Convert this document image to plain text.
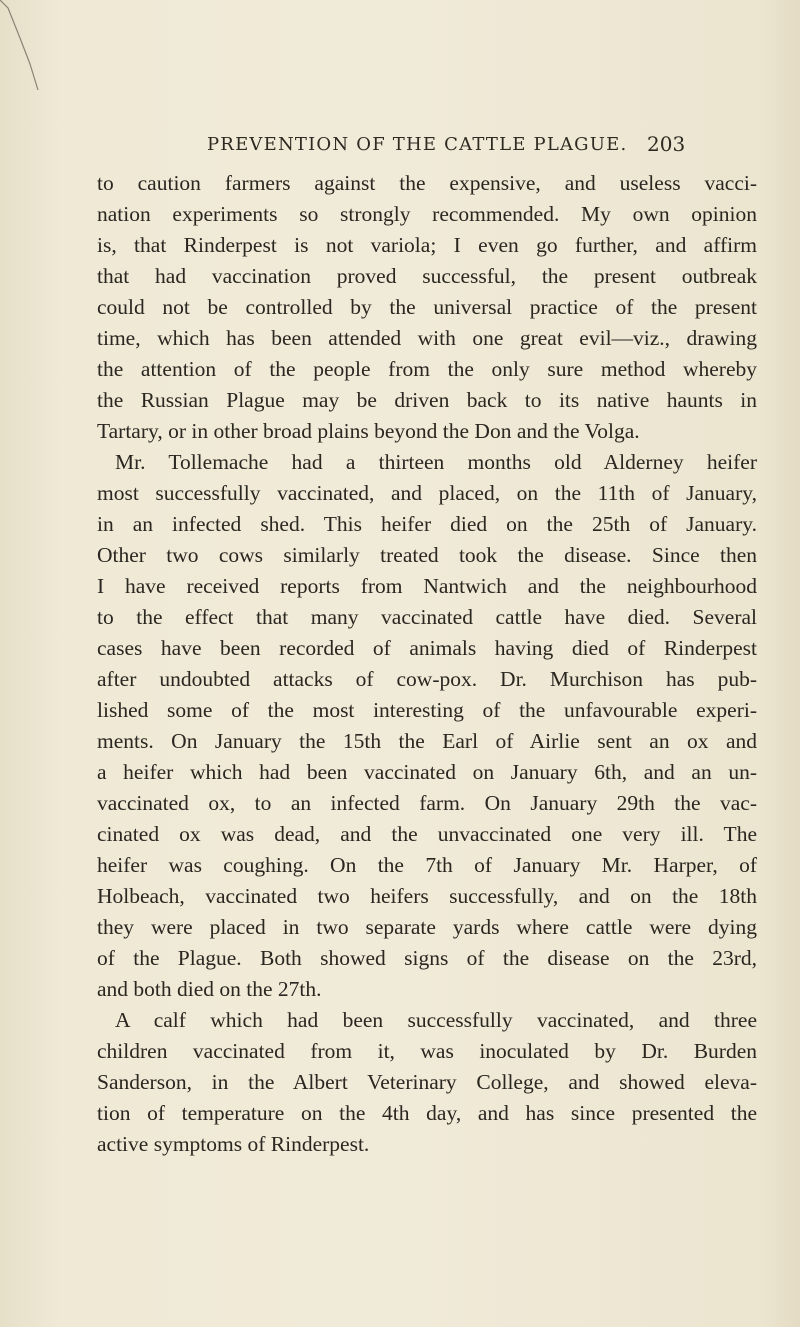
PREVENTION OF THE CATTLE PLAGUE. 203
to caution farmers against the expensive, and useless vacci-
nation experiments so strongly recommended. My own opinion
is, that Rinderpest is not variola; I even go further, and affirm
that had vaccination proved successful, the present outbreak
could not be controlled by the universal practice of the present
time, which has been attended with one great evil—viz., drawing
the attention of the people from the only sure method whereby
the Russian Plague may be driven back to its native haunts in
Tartary, or in other broad plains beyond the Don and the Volga.
Mr. Tollemache had a thirteen months old Alderney heifer
most successfully vaccinated, and placed, on the 11th of January,
in an infected shed. This heifer died on the 25th of January.
Other two cows similarly treated took the disease. Since then
I have received reports from Nantwich and the neighbourhood
to the effect that many vaccinated cattle have died. Several
cases have been recorded of animals having died of Rinderpest
after undoubted attacks of cow-pox. Dr. Murchison has pub-
lished some of the most interesting of the unfavourable experi-
ments. On January the 15th the Earl of Airlie sent an ox and
a heifer which had been vaccinated on January 6th, and an un-
vaccinated ox, to an infected farm. On January 29th the vac-
cinated ox was dead, and the unvaccinated one very ill. The
heifer was coughing. On the 7th of January Mr. Harper, of
Holbeach, vaccinated two heifers successfully, and on the 18th
they were placed in two separate yards where cattle were dying
of the Plague. Both showed signs of the disease on the 23rd,
and both died on the 27th.
A calf which had been successfully vaccinated, and three
children vaccinated from it, was inoculated by Dr. Burden
Sanderson, in the Albert Veterinary College, and showed eleva-
tion of temperature on the 4th day, and has since presented the
active symptoms of Rinderpest.
